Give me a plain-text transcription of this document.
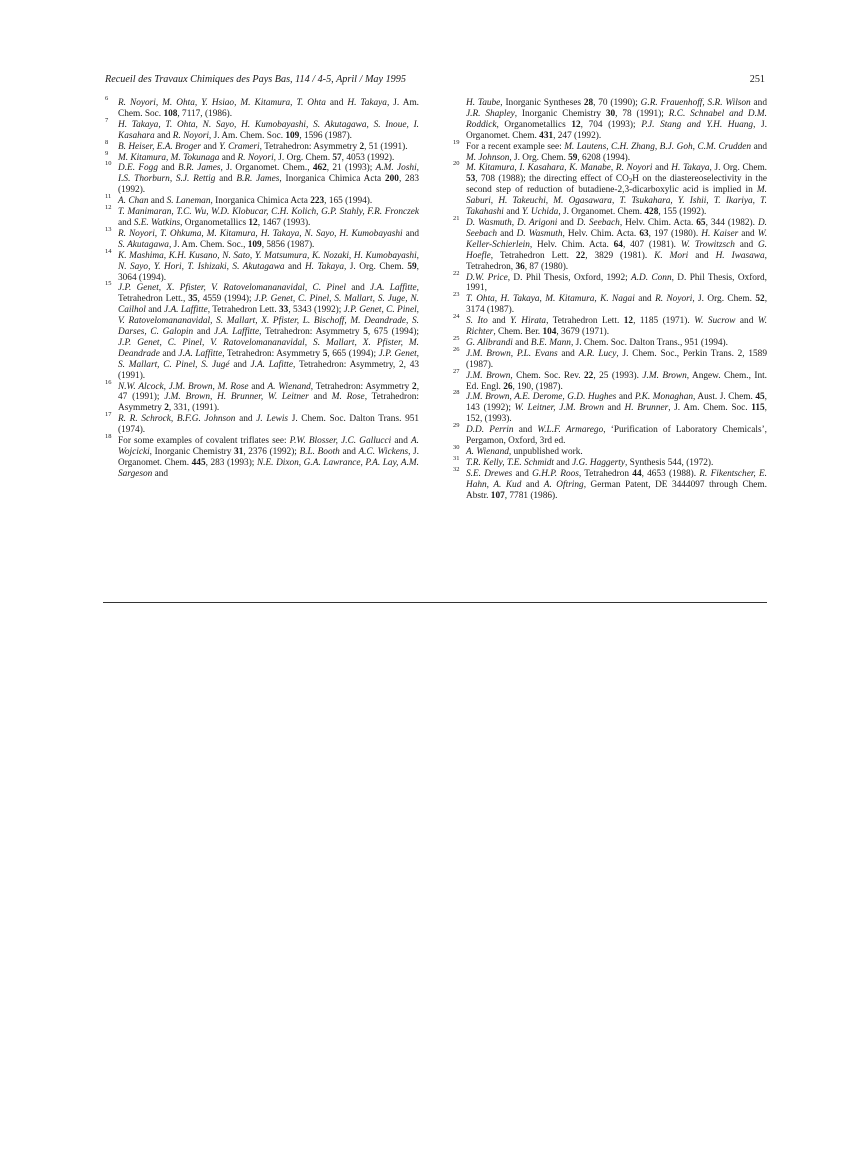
Recueil des Travaux Chimiques des Pays Bas, 114 / 4-5, April / May 1995	251
6 R. Noyori, M. Ohta, Y. Hsiao, M. Kitamura, T. Ohta and H. Takaya, J. Am. Chem. Soc. 108, 7117, (1986).
7 H. Takaya, T. Ohta, N. Sayo, H. Kumobayashi, S. Akutagawa, S. Inoue, I. Kasahara and R. Noyori, J. Am. Chem. Soc. 109, 1596 (1987).
8 B. Heiser, E.A. Broger and Y. Crameri, Tetrahedron: Asymmetry 2, 51 (1991).
9 M. Kitamura, M. Tokunaga and R. Noyori, J. Org. Chem. 57, 4053 (1992).
10 D.E. Fogg and B.R. James, J. Organomet. Chem., 462, 21 (1993); A.M. Joshi, I.S. Thorburn, S.J. Rettig and B.R. James, Inorganica Chimica Acta 200, 283 (1992).
11 A. Chan and S. Laneman, Inorganica Chimica Acta 223, 165 (1994).
12 T. Manimaran, T.C. Wu, W.D. Klobucar, C.H. Kolich, G.P. Stahly, F.R. Fronczek and S.E. Watkins, Organometallics 12, 1467 (1993).
13 R. Noyori, T. Ohkuma, M. Kitamura, H. Takaya, N. Sayo, H. Kumobayashi and S. Akutagawa, J. Am. Chem. Soc., 109, 5856 (1987).
14 K. Mashima, K.H. Kusano, N. Sato, Y. Matsumura, K. Nozaki, H. Kumobayashi, N. Sayo, Y. Hori, T. Ishizaki, S. Akutagawa and H. Takaya, J. Org. Chem. 59, 3064 (1994).
15 J.P. Genet, X. Pfister, V. Ratovelomananavidal, C. Pinel and J.A. Laffitte, Tetrahedron Lett., 35, 4559 (1994); J.P. Genet, C. Pinel, S. Mallart, S. Juge, N. Cailhol and J.A. Laffitte, Tetrahedron Lett. 33, 5343 (1992); J.P. Genet, C. Pinel, V. Ratovelomananavidal, S. Mallart, X. Pfister, L. Bischoff, M. Deandrade, S. Darses, C. Galopin and J.A. Laffitte, Tetrahedron: Asymmetry 5, 675 (1994); J.P. Genet, C. Pinel, V. Ratovelomananavidal, S. Mallart, X. Pfister, M. Deandrade and J.A. Laffitte, Tetrahedron: Asymmetry 5, 665 (1994); J.P. Genet, S. Mallart, C. Pinel, S. Jugé and J.A. Lafitte, Tetrahedron: Asymmetry, 2, 43 (1991).
16 N.W. Alcock, J.M. Brown, M. Rose and A. Wienand, Tetrahedron: Asymmetry 2, 47 (1991); J.M. Brown, H. Brunner, W. Leitner and M. Rose, Tetrahedron: Asymmetry 2, 331, (1991).
17 R. R. Schrock, B.F.G. Johnson and J. Lewis J. Chem. Soc. Dalton Trans. 951 (1974).
18 For some examples of covalent triflates see: P.W. Blosser, J.C. Gallucci and A. Wojcicki, Inorganic Chemistry 31, 2376 (1992); B.L. Booth and A.C. Wickens, J. Organomet. Chem. 445, 283 (1993); N.E. Dixon, G.A. Lawrance, P.A. Lay, A.M. Sargeson and
H. Taube, Inorganic Syntheses 28, 70 (1990); G.R. Frauenhoff, S.R. Wilson and J.R. Shapley, Inorganic Chemistry 30, 78 (1991); R.C. Schnabel and D.M. Roddick, Organometallics 12, 704 (1993); P.J. Stang and Y.H. Huang, J. Organomet. Chem. 431, 247 (1992).
19 For a recent example see: M. Lautens, C.H. Zhang, B.J. Goh, C.M. Crudden and M. Johnson, J. Org. Chem. 59, 6208 (1994).
20 M. Kitamura, I. Kasahara, K. Manabe, R. Noyori and H. Takaya, J. Org. Chem. 53, 708 (1988); the directing effect of $CO_2H$ on the diastereoselectivity in the second step of reduction of butadiene-2,3-dicarboxylic acid is implied in M. Saburi, H. Takeuchi, M. Ogasawara, T. Tsukahara, Y. Ishii, T. Ikariya, T. Takahashi and Y. Uchida, J. Organomet. Chem. 428, 155 (1992).
21 D. Wasmuth, D. Arigoni and D. Seebach, Helv. Chim. Acta. 65, 344 (1982). D. Seebach and D. Wasmuth, Helv. Chim. Acta. 63, 197 (1980). H. Kaiser and W. Keller-Schierlein, Helv. Chim. Acta. 64, 407 (1981). W. Trowitzsch and G. Hoefle, Tetrahedron Lett. 22, 3829 (1981). K. Mori and H. Iwasawa, Tetrahedron, 36, 87 (1980).
22 D.W. Price, D. Phil Thesis, Oxford, 1992; A.D. Conn, D. Phil Thesis, Oxford, 1991,
23 T. Ohta, H. Takaya, M. Kitamura, K. Nagai and R. Noyori, J. Org. Chem. 52, 3174 (1987).
24 S. Ito and Y. Hirata, Tetrahedron Lett. 12, 1185 (1971). W. Sucrow and W. Richter, Chem. Ber. 104, 3679 (1971).
25 G. Alibrandi and B.E. Mann, J. Chem. Soc. Dalton Trans., 951 (1994).
26 J.M. Brown, P.L. Evans and A.R. Lucy, J. Chem. Soc., Perkin Trans. 2, 1589 (1987).
27 J.M. Brown, Chem. Soc. Rev. 22, 25 (1993). J.M. Brown, Angew. Chem., Int. Ed. Engl. 26, 190, (1987).
28 J.M. Brown, A.E. Derome, G.D. Hughes and P.K. Monaghan, Aust. J. Chem. 45, 143 (1992); W. Leitner, J.M. Brown and H. Brunner, J. Am. Chem. Soc. 115, 152, (1993).
29 D.D. Perrin and W.L.F. Armarego, ‘Purification of Laboratory Chemicals’, Pergamon, Oxford, 3rd ed.
30 A. Wienand, unpublished work.
31 T.R. Kelly, T.E. Schmidt and J.G. Haggerty, Synthesis 544, (1972).
32 S.E. Drewes and G.H.P. Roos, Tetrahedron 44, 4653 (1988). R. Fikentscher, E. Hahn, A. Kud and A. Oftring, German Patent, DE 3444097 through Chem. Abstr. 107, 7781 (1986).
